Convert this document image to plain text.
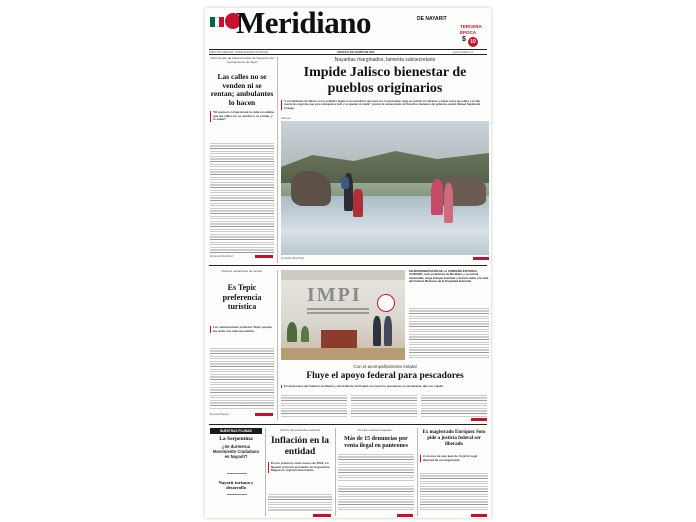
Meridiano	DE NAYARIT
TERCERA
ÉPOCA
$ 10
DIRECTOR GENERAL: JORGE ENRIQUE GONZÁLEZ	JUEVES 11 DE AGOSTO DE 2022	www.meridiano.mx
Advierte jefe de Fideicomisado de Negocios del Ayuntamiento de Tepic
Las calles no se venden ni se rentan; ambulantes lo hacen
"El quiosco compromete la calle en cabina que las calles no se venden o se rentan, y lo saben"
Fernando Ulloa Pérez
Nayaritas marginados, lamenta subsecretario
Impide Jalisco bienestar de pueblos originarios
"Los habitantes de Jalisco en los poblados llegan a sus beneficios que tiene los correspondan, llega un camión con láminas y tenías cosas que pides y se dan cuenta las mayorías que ya le entregamos todo y se quedan sin nada", precisó el subsecretario de Derechos Humanos del gobierno estatal, Manuel Sepúlveda Arreaga
Nacional
Fernando Ulloa Pérez
Durante vacaciones de verano
Es Tepic preferencia turística
Los vacacionistas prefieren Tepic porque les atrás con más accesibles
Bernardo Ramírez
IMPI
EN REPRESENTACIÓN DE LA COMPAÑÍA EDITORIAL ALPESOR, socio propietario de Meridiano y su revista Alcantarilla, Jorge Enrique González y Antonio Vella, a la sede del Instituto Mexicano de la Propiedad Industrial
Con el acompañamiento estatal
Fluye el apoyo federal para pescadores
El compromiso del Gobierno de México y del Gobierno del Estado con nuestros pescadores es permanente, dijo con orgullo.
NUESTRAS PLUMAS
La Serpentina
¿Se durmerua Movimiento Ciudadano en Nayarit?
Nayarit turismo y desarrollo
Dentro del promedio nacional
Inflación en la entidad
En los primeros siete meses de 2022, en Nayarit el precio promedio de la gasolina Magna no registró incremento
Ni a los muertos respetan...
Más de 15 denuncias por venta ilegal en panteones
Ex magistrado Enríquez Soto pide a justicia federal ser liberado
A un mes de que juez de Control negó libertad de un magistrado
